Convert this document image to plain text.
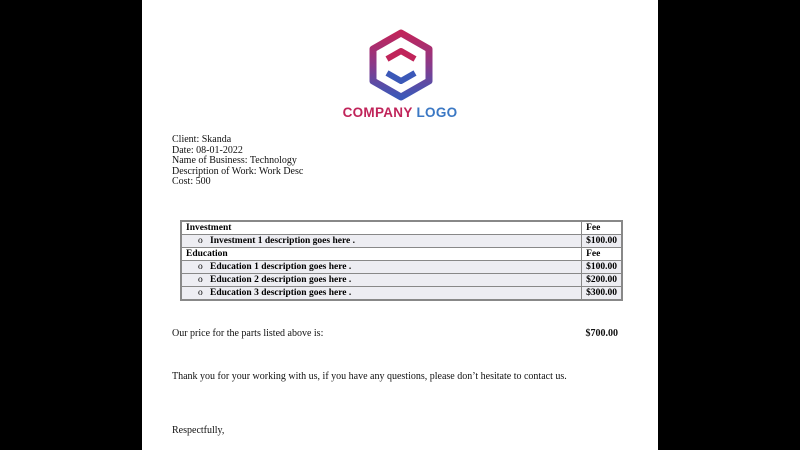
COMPANY LOGO
Client: Skanda
Date: 08-01-2022
Name of Business: Technology
Description of Work: Work Desc
Cost: 500
Investment	Fee
o Investment 1 description goes here .	$100.00
Education	Fee
o Education 1 description goes here .	$100.00
o Education 2 description goes here .	$200.00
o Education 3 description goes here .	$300.00
Our price for the parts listed above is:	$700.00
Thank you for your working with us, if you have any questions, please don’t hesitate to contact us.
Respectfully,
